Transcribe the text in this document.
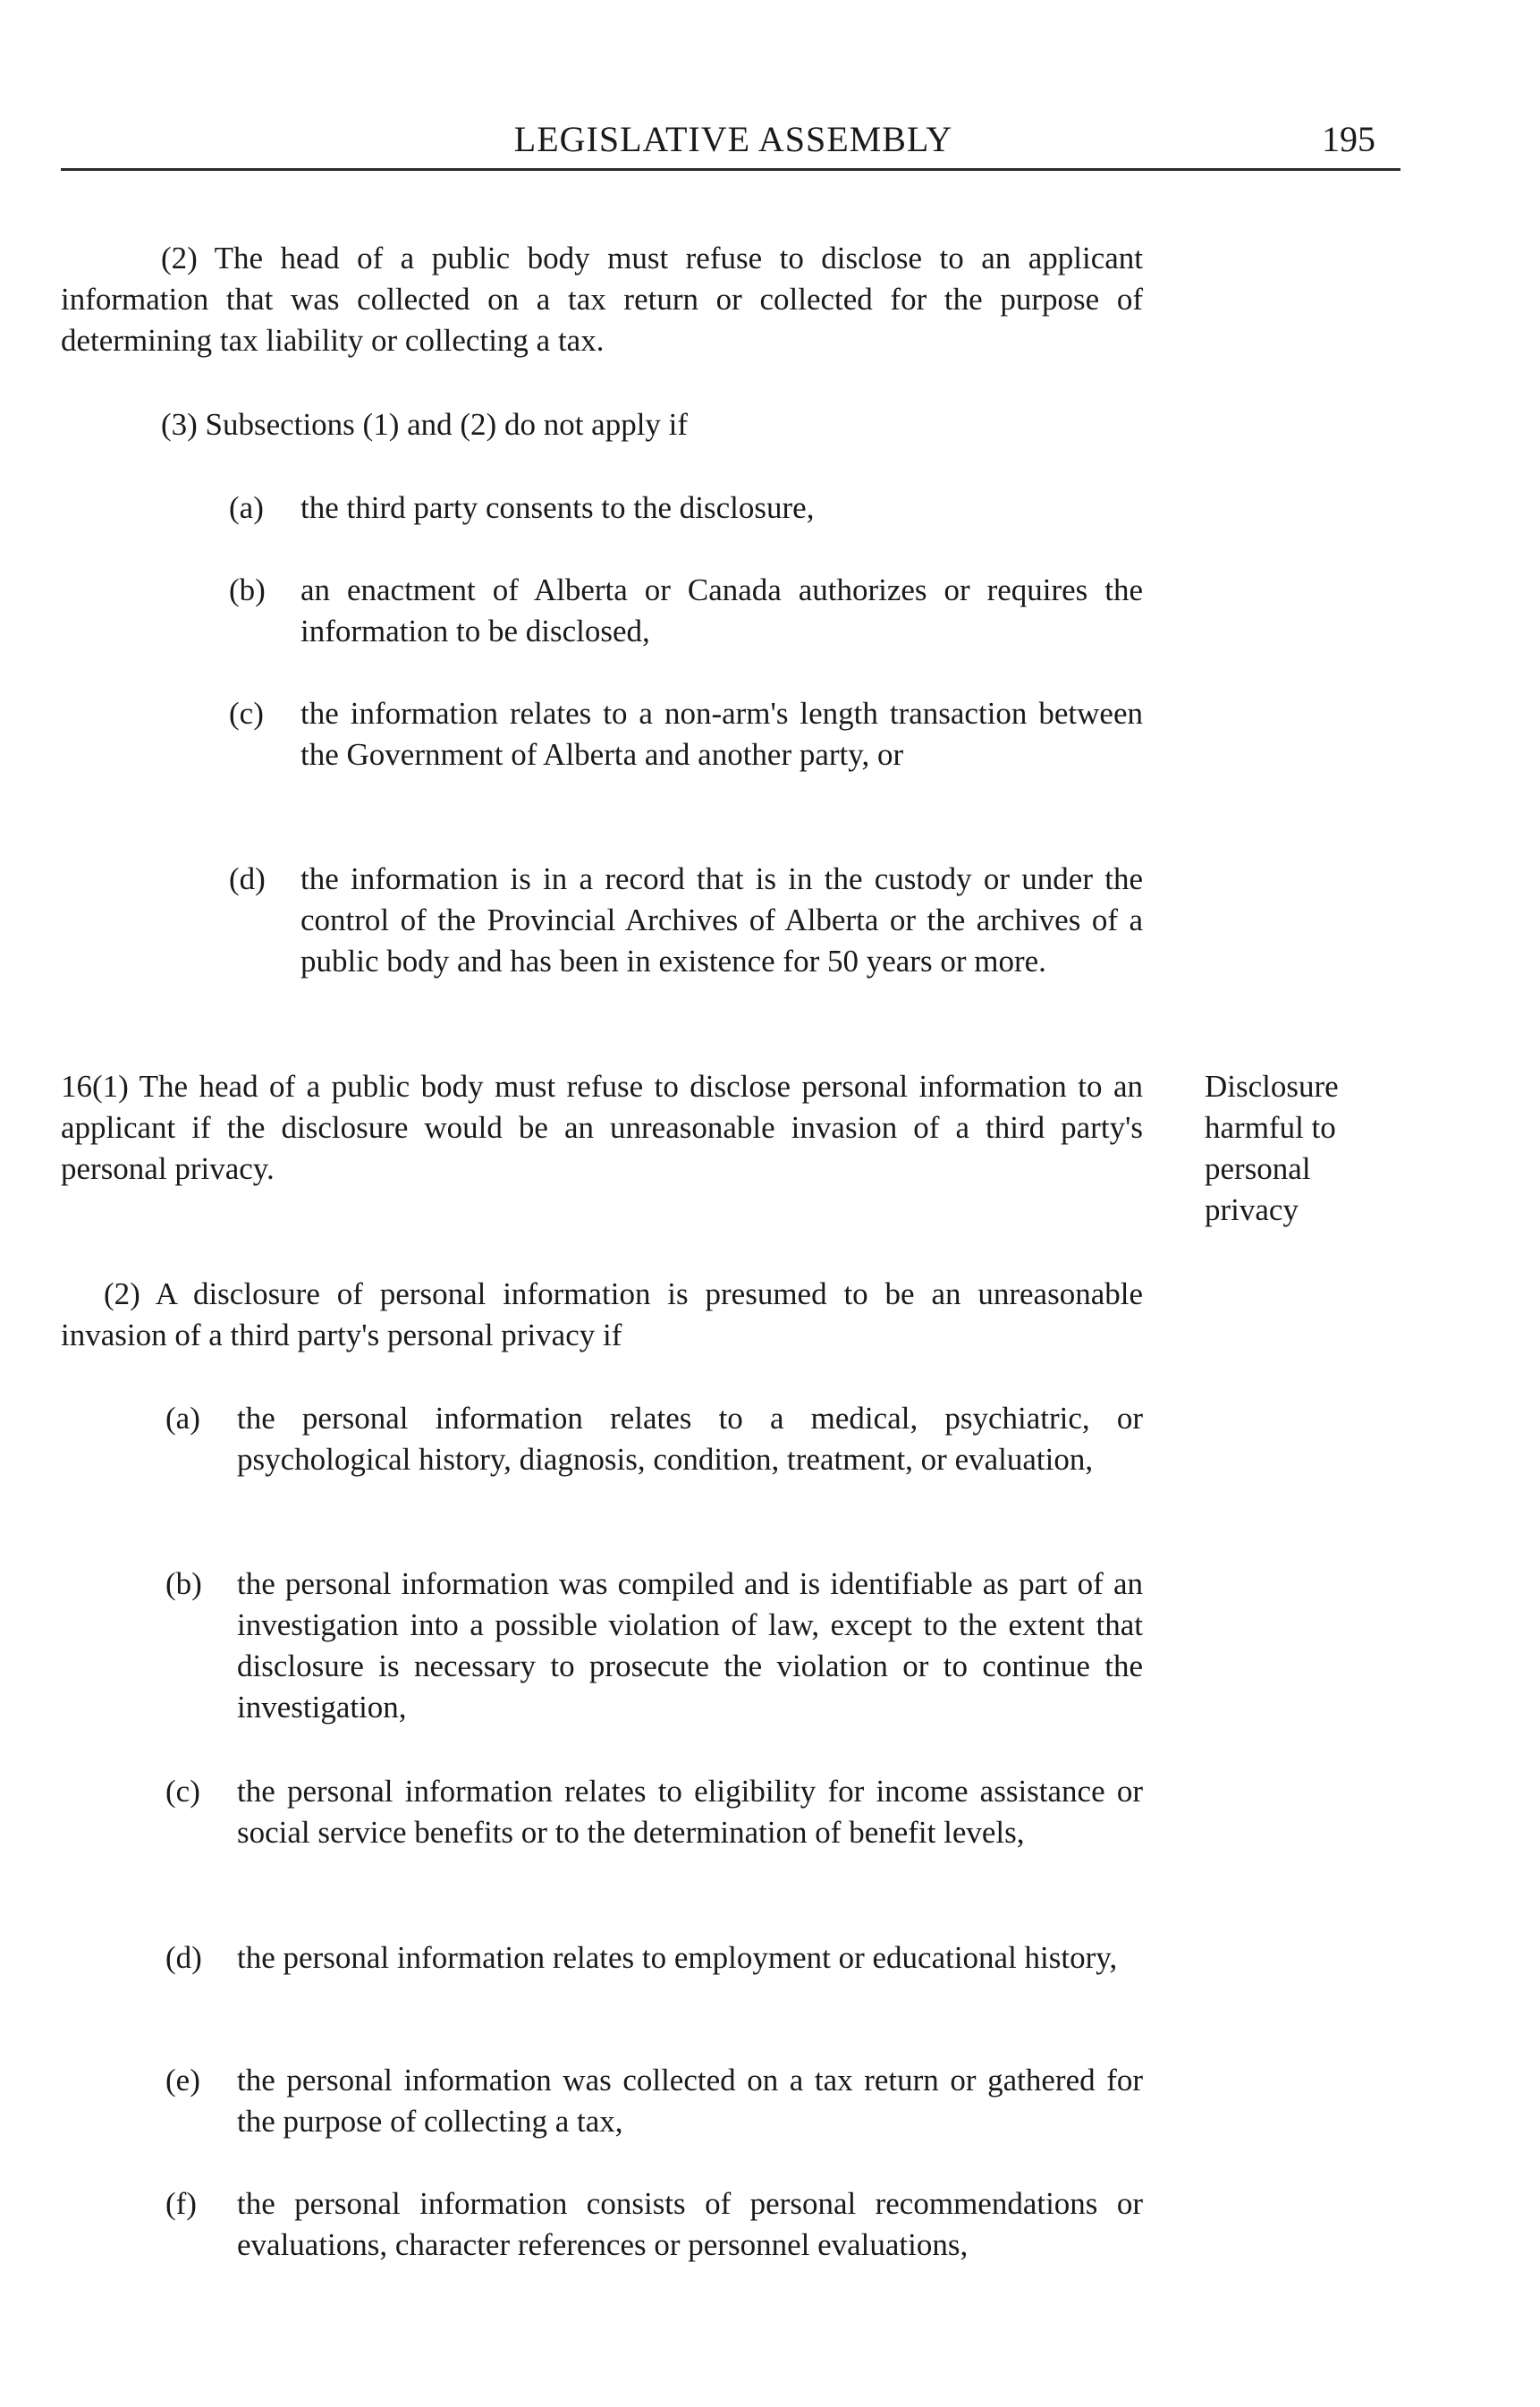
LEGISLATIVE ASSEMBLY	195

(2) The head of a public body must refuse to disclose to an applicant information that was collected on a tax return or collected for the purpose of determining tax liability or collecting a tax.

(3) Subsections (1) and (2) do not apply if

(a) the third party consents to the disclosure,

(b) an enactment of Alberta or Canada authorizes or requires the information to be disclosed,

(c) the information relates to a non-arm's length transaction between the Government of Alberta and another party, or

(d) the information is in a record that is in the custody or under the control of the Provincial Archives of Alberta or the archives of a public body and has been in existence for 50 years or more.

16(1) The head of a public body must refuse to disclose personal information to an applicant if the disclosure would be an unreasonable invasion of a third party's personal privacy.

Disclosure
harmful to
personal
privacy

(2) A disclosure of personal information is presumed to be an unreasonable invasion of a third party's personal privacy if

(a) the personal information relates to a medical, psychiatric, or psychological history, diagnosis, condition, treatment, or evaluation,

(b) the personal information was compiled and is identifiable as part of an investigation into a possible violation of law, except to the extent that disclosure is necessary to prosecute the violation or to continue the investigation,

(c) the personal information relates to eligibility for income assistance or social service benefits or to the determination of benefit levels,

(d) the personal information relates to employment or educational history,

(e) the personal information was collected on a tax return or gathered for the purpose of collecting a tax,

(f) the personal information consists of personal recommendations or evaluations, character references or personnel evaluations,
